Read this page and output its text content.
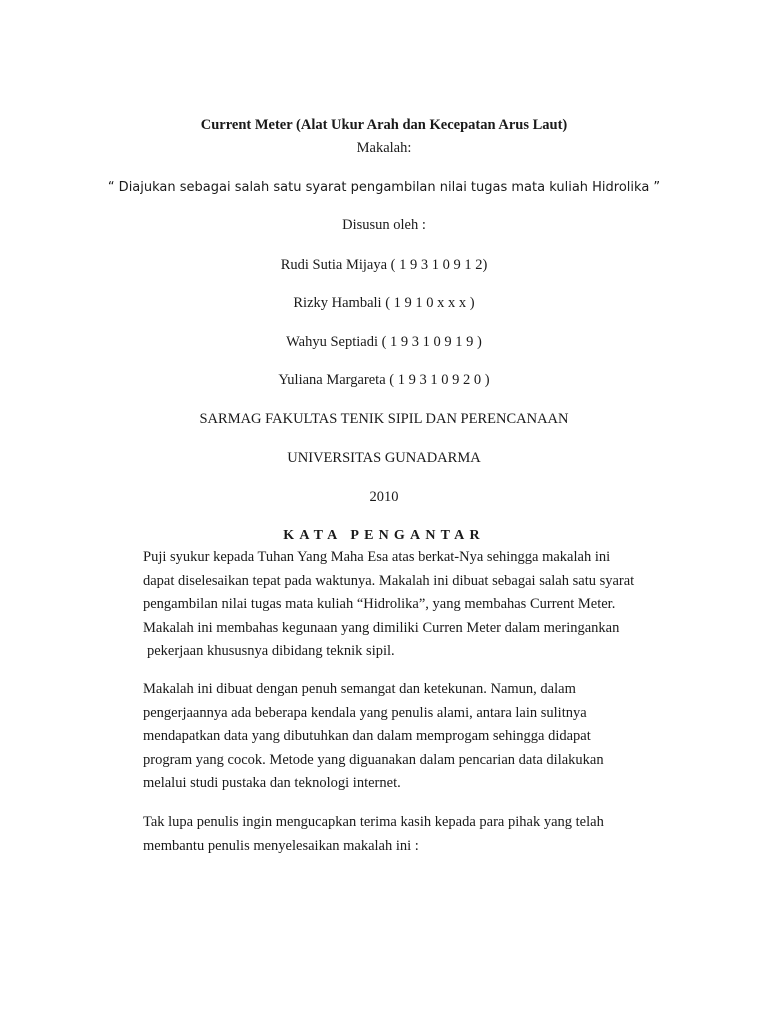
Current Meter (Alat Ukur Arah dan Kecepatan Arus Laut)
Makalah:
“ Diajukan sebagai salah satu syarat pengambilan nilai tugas mata kuliah Hidrolika ”
Disusun oleh :
Rudi Sutia Mijaya ( 1 9 3 1 0 9 1 2)
Rizky Hambali ( 1 9 1 0 x x x )
Wahyu Septiadi ( 1 9 3 1 0 9 1 9 )
Yuliana Margareta ( 1 9 3 1 0 9 2 0 )
SARMAG FAKULTAS TENIK SIPIL DAN PERENCANAAN
UNIVERSITAS GUNADARMA
2010
KATA PENGANTAR
Puji syukur kepada Tuhan Yang Maha Esa atas berkat-Nya sehingga makalah ini
dapat diselesaikan tepat pada waktunya. Makalah ini dibuat sebagai salah satu syarat
pengambilan nilai tugas mata kuliah “Hidrolika”, yang membahas Current Meter.
Makalah ini membahas kegunaan yang dimiliki Curren Meter dalam meringankan
pekerjaan khususnya dibidang teknik sipil.
Makalah ini dibuat dengan penuh semangat dan ketekunan. Namun, dalam
pengerjaannya ada beberapa kendala yang penulis alami, antara lain sulitnya
mendapatkan data yang dibutuhkan dan dalam memprogam sehingga didapat
program yang cocok. Metode yang diguanakan dalam pencarian data dilakukan
melalui studi pustaka dan teknologi internet.
Tak lupa penulis ingin mengucapkan terima kasih kepada para pihak yang telah
membantu penulis menyelesaikan makalah ini :
